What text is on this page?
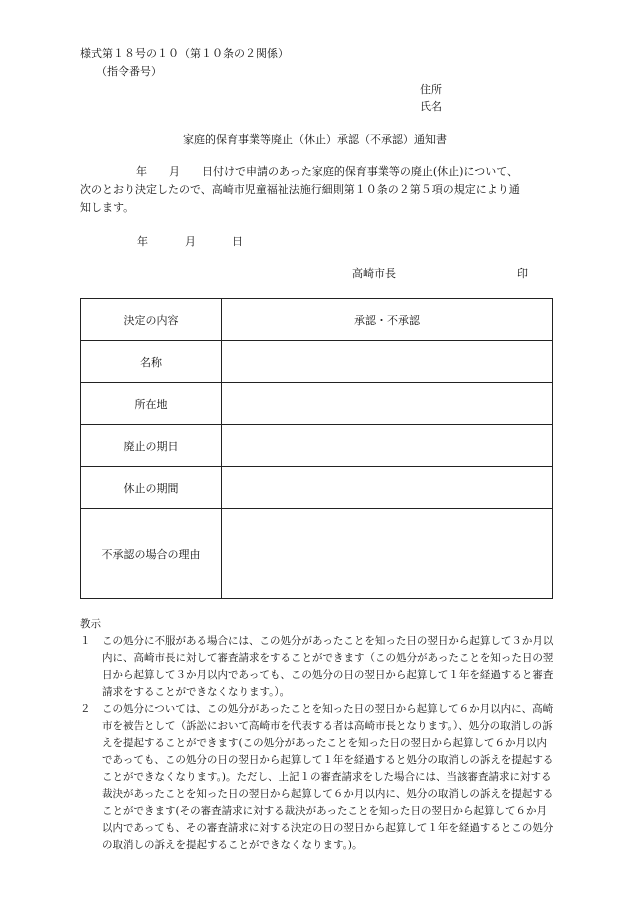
様式第１８号の１０（第１０条の２関係）
（指令番号）
住所
氏名
家庭的保育事業等廃止（休止）承認（不承認）通知書
年　　月　　日付けで申請のあった家庭的保育事業等の廃止(休止)について、
次のとおり決定したので、高崎市児童福祉法施行細則第１０条の２第５項の規定により通
知します。
年	月	日
高崎市長	印
決定の内容	承認・不承認
名称	
所在地	
廃止の期日	
休止の期間	
不承認の場合の理由	
教示
１	この処分に不服がある場合には、この処分があったことを知った日の翌日から起算して３か月以内に、高崎市長に対して審査請求をすることができます（この処分があったことを知った日の翌日から起算して３か月以内であっても、この処分の日の翌日から起算して１年を経過すると審査請求をすることができなくなります。）。
２	この処分については、この処分があったことを知った日の翌日から起算して６か月以内に、高崎市を被告として（訴訟において高崎市を代表する者は高崎市長となります。）、処分の取消しの訴えを提起することができます(この処分があったことを知った日の翌日から起算して６か月以内であっても、この処分の日の翌日から起算して１年を経過すると処分の取消しの訴えを提起することができなくなります。)。ただし、上記１の審査請求をした場合には、当該審査請求に対する裁決があったことを知った日の翌日から起算して６か月以内に、処分の取消しの訴えを提起することができます(その審査請求に対する裁決があったことを知った日の翌日から起算して６か月以内であっても、その審査請求に対する決定の日の翌日から起算して１年を経過するとこの処分の取消しの訴えを提起することができなくなります。)。
